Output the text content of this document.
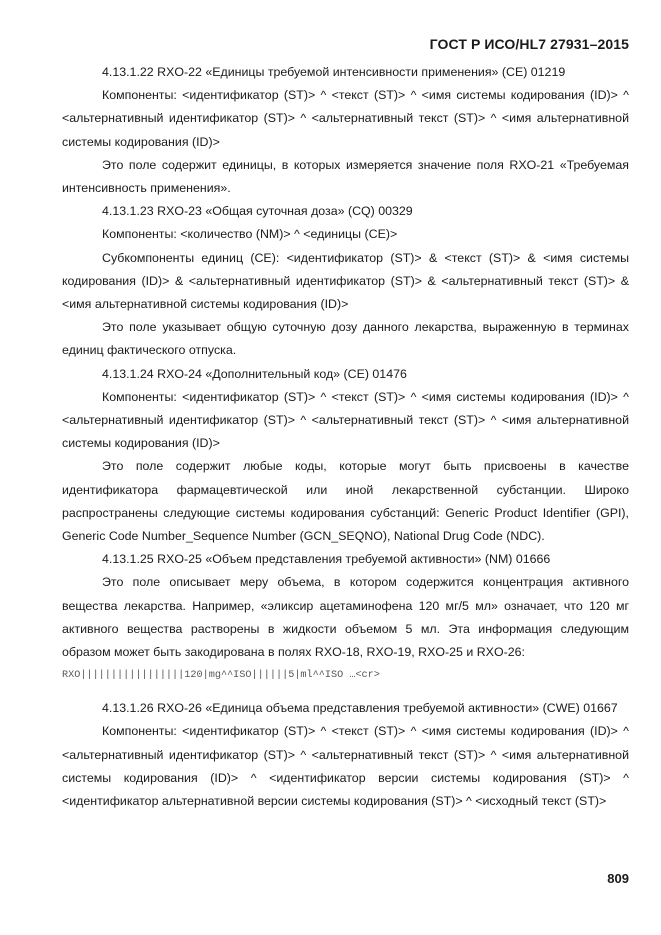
ГОСТ Р ИСО/HL7 27931–2015

4.13.1.22 RXO-22 «Единицы требуемой интенсивности применения» (CE) 01219

Компоненты: <идентификатор (ST)> ^ <текст (ST)> ^ <имя системы кодирования (ID)> ^ <альтернативный идентификатор (ST)> ^ <альтернативный текст (ST)> ^ <имя альтернативной системы кодирования (ID)>

Это поле содержит единицы, в которых измеряется значение поля RXO-21 «Требуемая интенсивность применения».

4.13.1.23 RXO-23 «Общая суточная доза» (CQ) 00329

Компоненты: <количество (NM)> ^ <единицы (CE)>

Субкомпоненты единиц (CE): <идентификатор (ST)> & <текст (ST)> & <имя системы кодирования (ID)> & <альтернативный идентификатор (ST)> & <альтернативный текст (ST)> & <имя альтернативной системы кодирования (ID)>

Это поле указывает общую суточную дозу данного лекарства, выраженную в терминах единиц фактического отпуска.

4.13.1.24 RXO-24 «Дополнительный код» (CE) 01476

Компоненты: <идентификатор (ST)> ^ <текст (ST)> ^ <имя системы кодирования (ID)> ^ <альтернативный идентификатор (ST)> ^ <альтернативный текст (ST)> ^ <имя альтернативной системы кодирования (ID)>

Это поле содержит любые коды, которые могут быть присвоены в качестве идентификатора фармацевтической или иной лекарственной субстанции. Широко распространены следующие системы кодирования субстанций: Generic Product Identifier (GPI), Generic Code Number_Sequence Number (GCN_SEQNO), National Drug Code (NDC).

4.13.1.25 RXO-25 «Объем представления требуемой активности» (NM) 01666

Это поле описывает меру объема, в котором содержится концентрация активного вещества лекарства. Например, «эликсир ацетаминофена 120 мг/5 мл» означает, что 120 мг активного вещества растворены в жидкости объемом 5 мл. Эта информация следующим образом может быть закодирована в полях RXO-18, RXO-19, RXO-25 и RXO-26:

RXO|||||||||||||||||120|mg^^ISO||||||5|ml^^ISO …<cr>

4.13.1.26 RXO-26 «Единица объема представления требуемой активности» (CWE) 01667

Компоненты: <идентификатор (ST)> ^ <текст (ST)> ^ <имя системы кодирования (ID)> ^ <альтернативный идентификатор (ST)> ^ <альтернативный текст (ST)> ^ <имя альтернативной системы кодирования (ID)> ^ <идентификатор версии системы кодирования (ST)> ^ <идентификатор альтернативной версии системы кодирования (ST)> ^ <исходный текст (ST)>

809
